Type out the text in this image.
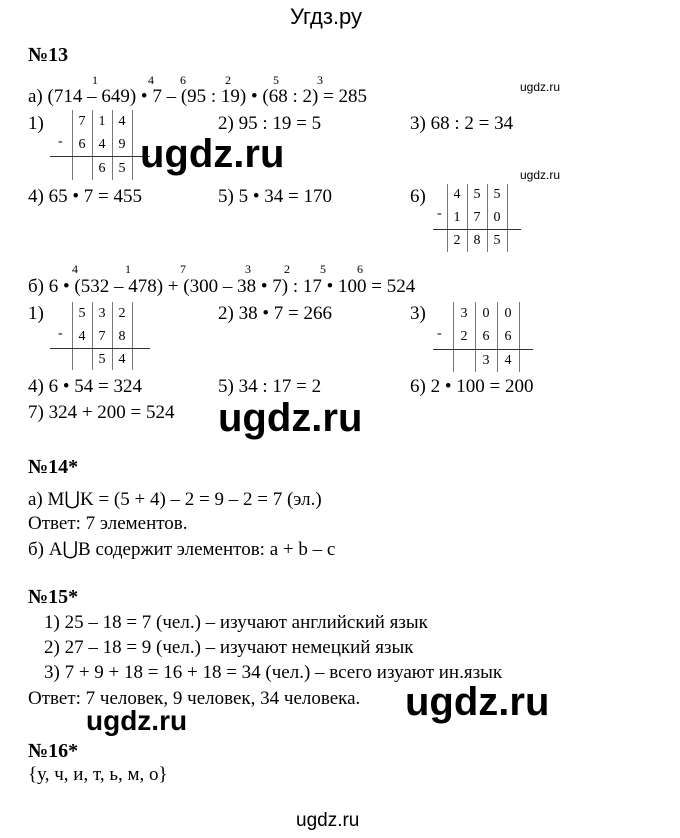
Угдз.ру
№13
ugdz.ru
1	4 6	2	5	3
а) (714 – 649) • 7 – (95 : 19) • (68 : 2) = 285
1)
-
7 1 4
6 4 9
6 5
2) 95 : 19 = 5	3) 68 : 2 = 34
ugdz.ru	ugdz.ru
4) 65 • 7 = 455	5) 5 • 34 = 170	6)
-
4 5 5
1 7 0
2 8 5
4	1	7	3	2	5	6
б) 6 • (532 – 478) + (300 – 38 • 7) : 17 • 100 = 524
1)
-
5 3 2
4 7 8
5 4
2) 38 • 7 = 266	3)
-
3	0	0
2	6	6
3	4
4) 6 • 54 = 324	5) 34 : 17 = 2	6) 2 • 100 = 200
7) 324 + 200 = 524 ugdz.ru
№14*
а) M⋃K = (5 + 4) – 2 = 9 – 2 = 7 (эл.)
Ответ: 7 элементов.
б) A⋃B содержит элементов: a + b – c
№15*
1) 25 – 18 = 7 (чел.) – изучают английский язык
2) 27 – 18 = 9 (чел.) – изучают немецкий язык
3) 7 + 9 + 18 = 16 + 18 = 34 (чел.) – всего изуают ин.язык
Ответ: 7 человек, 9 человек, 34 человека.
ugdz.ru	ugdz.ru
№16*
{у, ч, и, т, ь, м, о}
ugdz.ru
